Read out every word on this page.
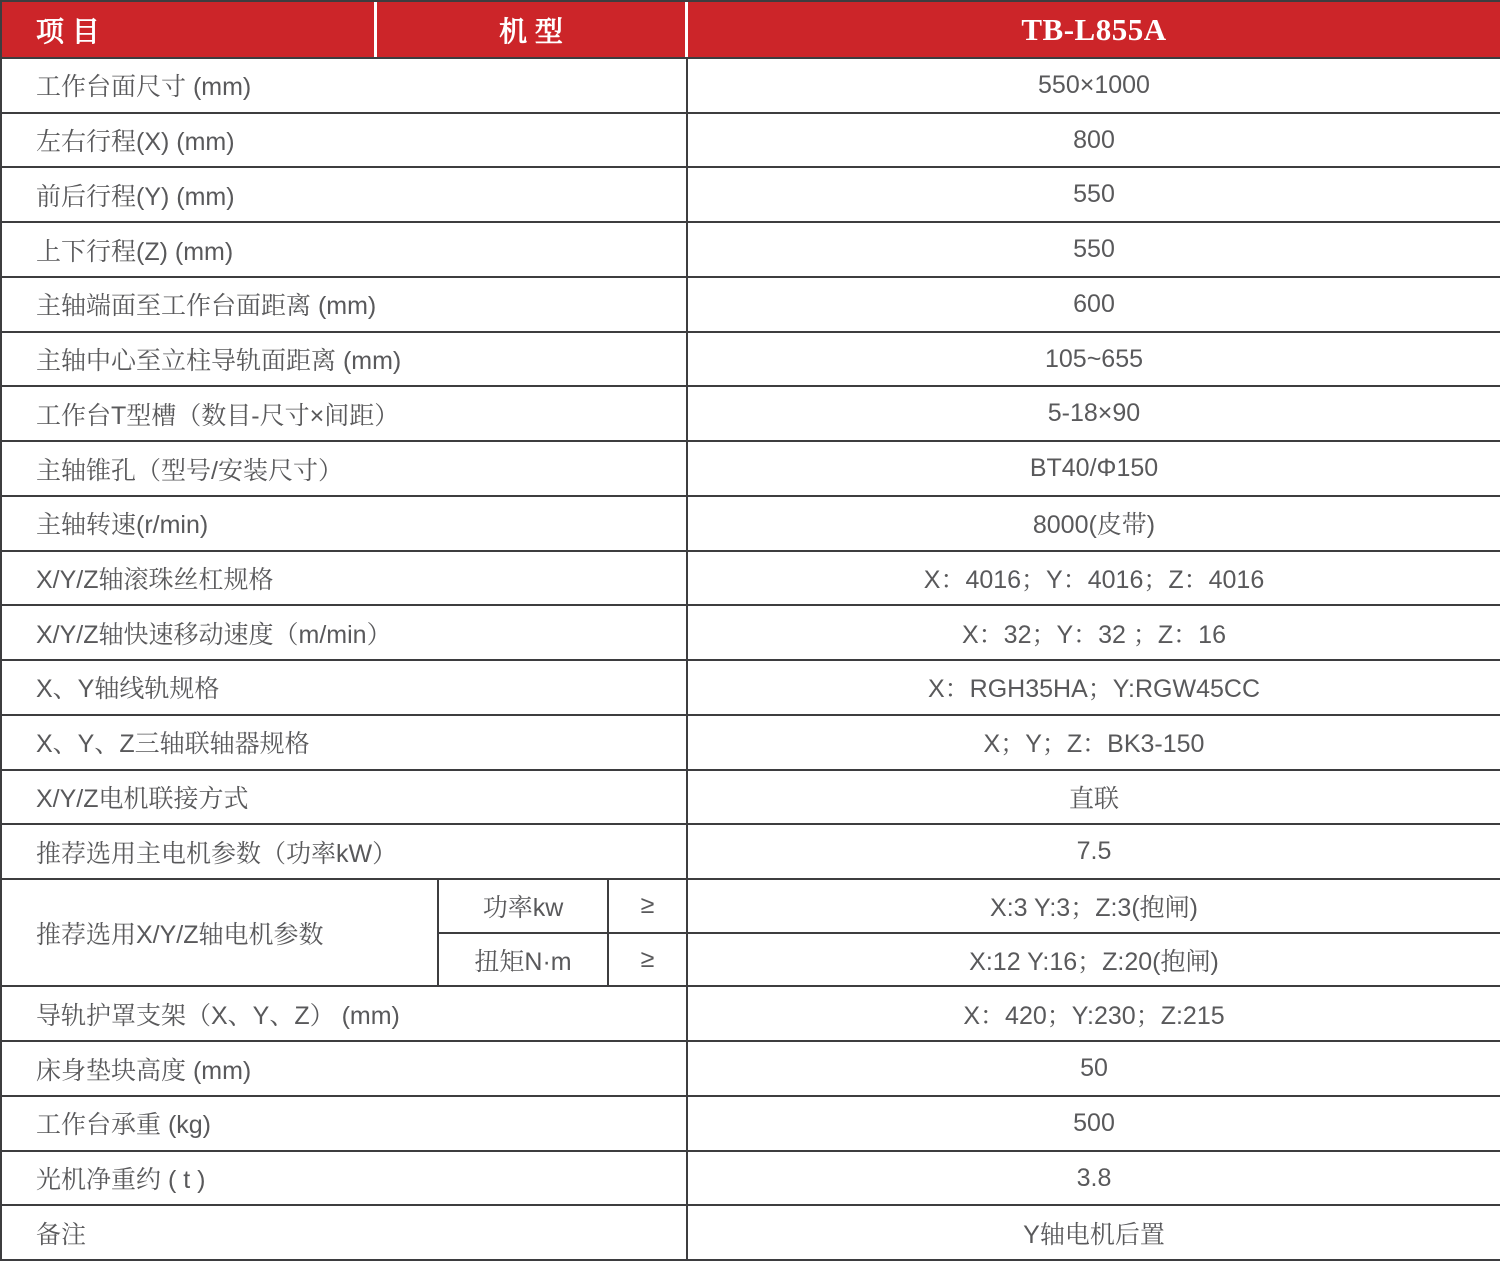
项 目	机 型	TB-L855A
工作台面尺寸 (mm)	550×1000
左右行程(X) (mm)	800
前后行程(Y) (mm)	550
上下行程(Z) (mm)	550
主轴端面至工作台面距离 (mm)	600
主轴中心至立柱导轨面距离 (mm)	105~655
工作台T型槽（数目-尺寸×间距）	5-18×90
主轴锥孔（型号/安装尺寸）	BT40/Φ150
主轴转速(r/min)	8000(皮带)
X/Y/Z轴滚珠丝杠规格	X：4016；Y：4016；Z：4016
X/Y/Z轴快速移动速度（m/min）	X：32；Y：32 ；Z：16
X、Y轴线轨规格	X：RGH35HA；Y:RGW45CC
X、Y、Z三轴联轴器规格	X；Y；Z：BK3-150
X/Y/Z电机联接方式	直联
推荐选用主电机参数（功率kW）	7.5
推荐选用X/Y/Z轴电机参数
功率kw	≥	X:3 Y:3；Z:3(抱闸)
扭矩N·m	≥	X:12 Y:16；Z:20(抱闸)
导轨护罩支架（X、Y、Z） (mm)	X：420；Y:230；Z:215
床身垫块高度 (mm)	50
工作台承重 (kg)	500
光机净重约 ( t )	3.8
备注	Y轴电机后置
